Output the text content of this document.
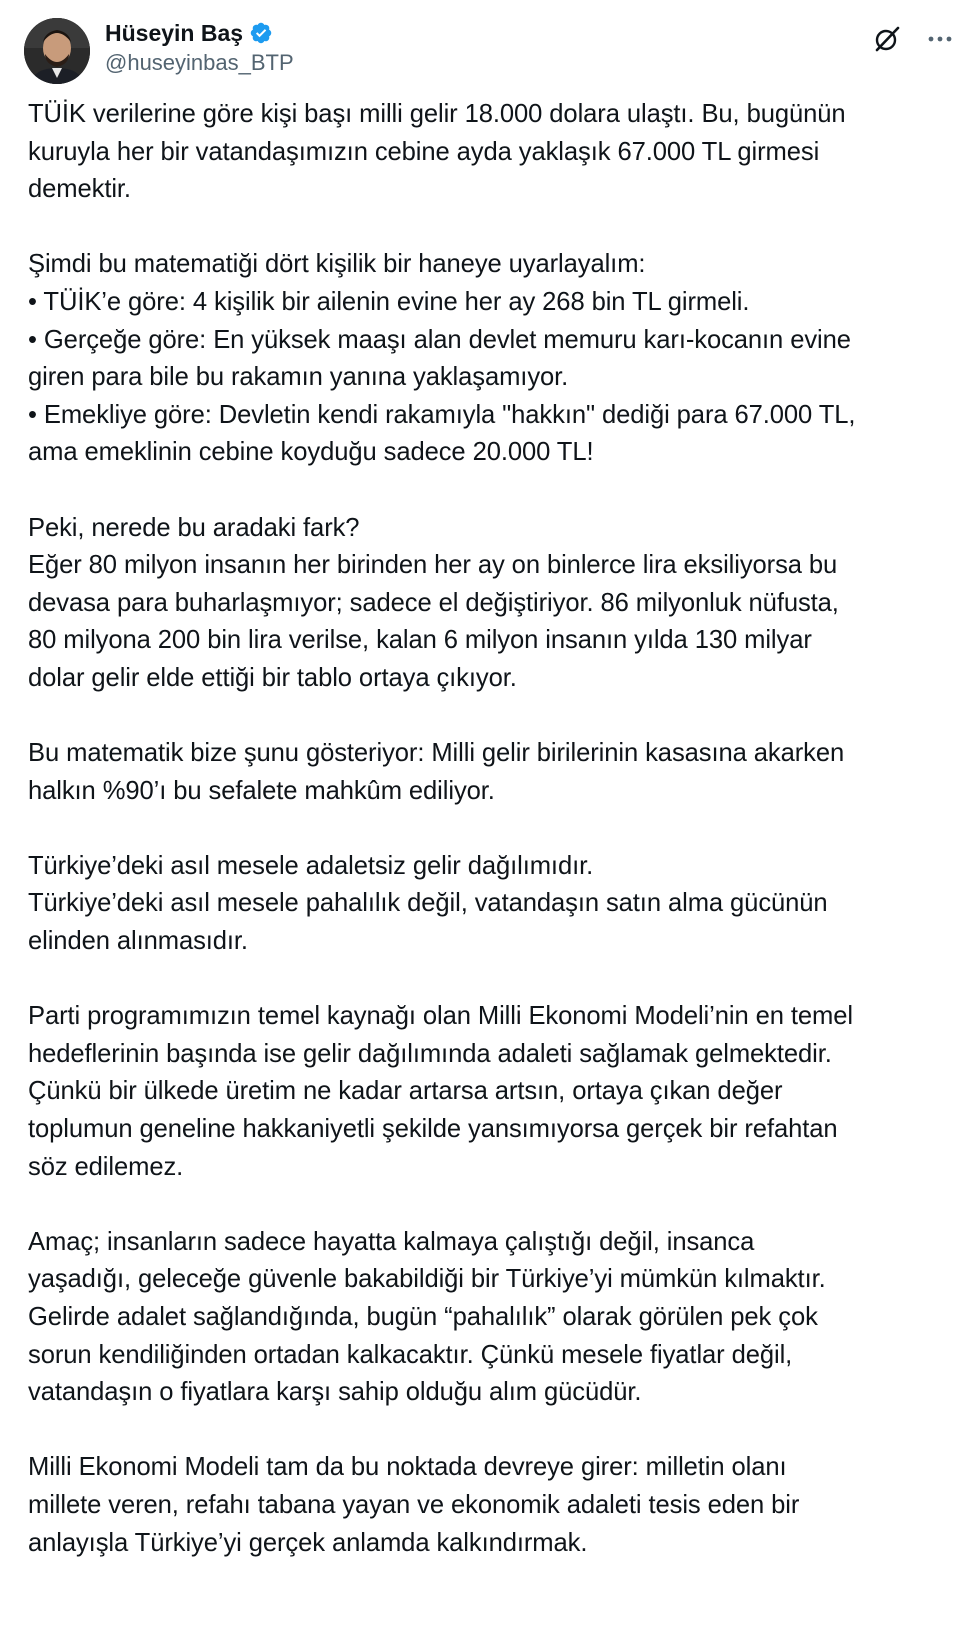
Hüseyin Baş
@huseyinbas_BTP
TÜİK verilerine göre kişi başı milli gelir 18.000 dolara ulaştı. Bu, bugünün
kuruyla her bir vatandaşımızın cebine ayda yaklaşık 67.000 TL girmesi
demektir.
Şimdi bu matematiği dört kişilik bir haneye uyarlayalım:
• TÜİK’e göre: 4 kişilik bir ailenin evine her ay 268 bin TL girmeli.
• Gerçeğe göre: En yüksek maaşı alan devlet memuru karı-kocanın evine
giren para bile bu rakamın yanına yaklaşamıyor.
• Emekliye göre: Devletin kendi rakamıyla "hakkın" dediği para 67.000 TL,
ama emeklinin cebine koyduğu sadece 20.000 TL!
Peki, nerede bu aradaki fark?
Eğer 80 milyon insanın her birinden her ay on binlerce lira eksiliyorsa bu
devasa para buharlaşmıyor; sadece el değiştiriyor. 86 milyonluk nüfusta,
80 milyona 200 bin lira verilse, kalan 6 milyon insanın yılda 130 milyar
dolar gelir elde ettiği bir tablo ortaya çıkıyor.
Bu matematik bize şunu gösteriyor: Milli gelir birilerinin kasasına akarken
halkın %90’ı bu sefalete mahkûm ediliyor.
Türkiye’deki asıl mesele adaletsiz gelir dağılımıdır.
Türkiye’deki asıl mesele pahalılık değil, vatandaşın satın alma gücünün
elinden alınmasıdır.
Parti programımızın temel kaynağı olan Milli Ekonomi Modeli’nin en temel
hedeflerinin başında ise gelir dağılımında adaleti sağlamak gelmektedir.
Çünkü bir ülkede üretim ne kadar artarsa artsın, ortaya çıkan değer
toplumun geneline hakkaniyetli şekilde yansımıyorsa gerçek bir refahtan
söz edilemez.
Amaç; insanların sadece hayatta kalmaya çalıştığı değil, insanca
yaşadığı, geleceğe güvenle bakabildiği bir Türkiye’yi mümkün kılmaktır.
Gelirde adalet sağlandığında, bugün “pahalılık” olarak görülen pek çok
sorun kendiliğinden ortadan kalkacaktır. Çünkü mesele fiyatlar değil,
vatandaşın o fiyatlara karşı sahip olduğu alım gücüdür.
Milli Ekonomi Modeli tam da bu noktada devreye girer: milletin olanı
millete veren, refahı tabana yayan ve ekonomik adaleti tesis eden bir
anlayışla Türkiye’yi gerçek anlamda kalkındırmak.
